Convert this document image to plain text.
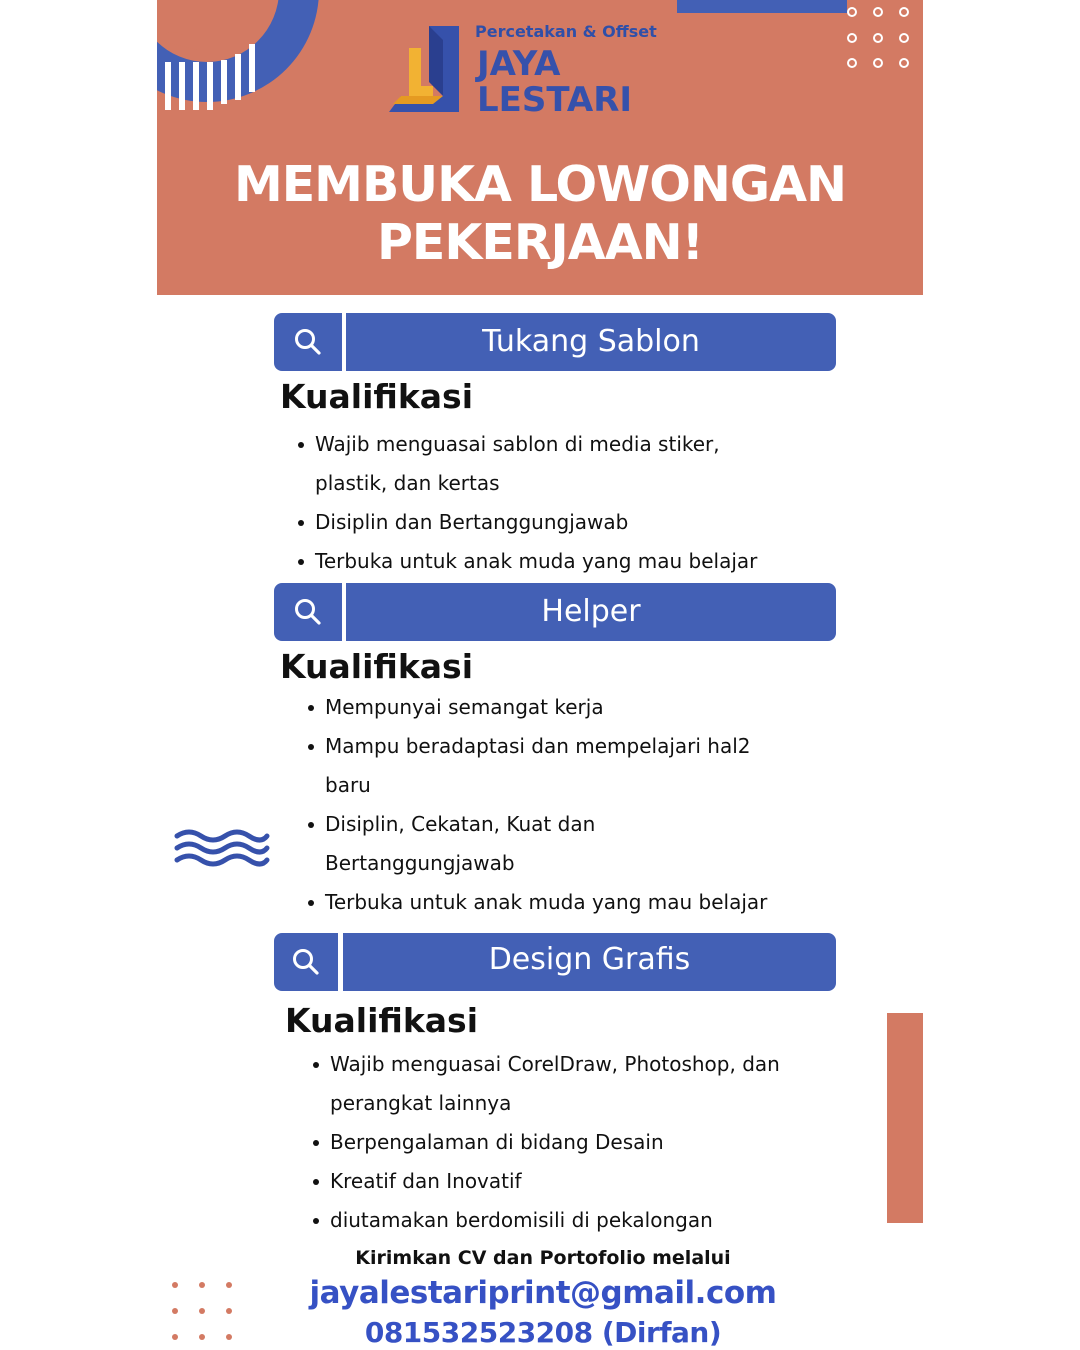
Percetakan & Offset
JAYA
LESTARI
MEMBUKA LOWONGAN
PEKERJAAN!
Tukang Sablon
Kualifikasi
Wajib menguasai sablon di media stiker,
plastik, dan kertas
Disiplin dan Bertanggungjawab
Terbuka untuk anak muda yang mau belajar
Helper
Kualifikasi
Mempunyai semangat kerja
Mampu beradaptasi dan mempelajari hal2
baru
Disiplin, Cekatan, Kuat dan
Bertanggungjawab
Terbuka untuk anak muda yang mau belajar
Design Grafis
Kualifikasi
Wajib menguasai CorelDraw, Photoshop, dan
perangkat lainnya
Berpengalaman di bidang Desain
Kreatif dan Inovatif
diutamakan berdomisili di pekalongan
Kirimkan CV dan Portofolio melalui
jayalestariprint@gmail.com
081532523208 (Dirfan)
